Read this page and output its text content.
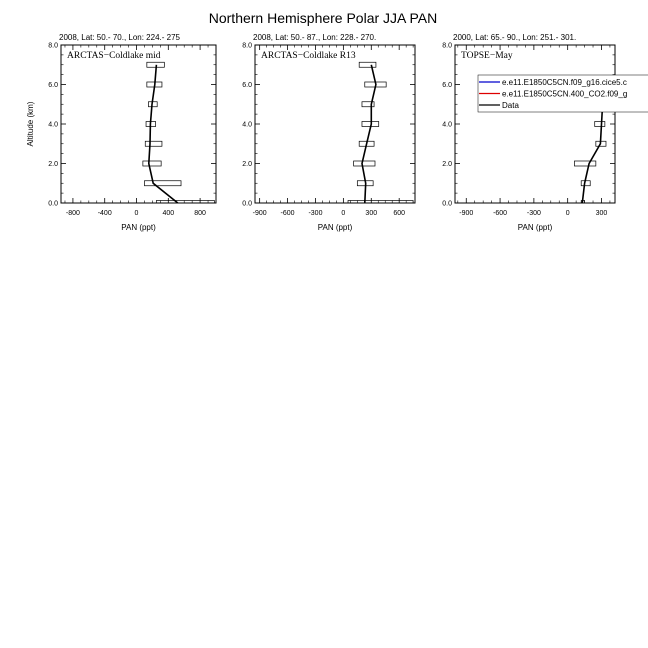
Northern Hemisphere Polar JJA PAN
2008, Lat: 50.- 70., Lon: 224.- 275
0.0
2.0
4.0
6.0
8.0
-800	-400	0	400	800
PAN (ppt)
Altitude (km)
ARCTAS−Coldlake mid
2008, Lat: 50.- 87., Lon: 228.- 270.
0.0
2.0
4.0
6.0
8.0
-900 -600 -300	0	300 600
PAN (ppt)
ARCTAS−Coldlake R13
2000, Lat: 65.- 90., Lon: 251.- 301.
0.0
2.0
4.0
6.0
8.0
-900	-600	-300	0	300
PAN (ppt)
TOPSE−May
e.e11.E1850C5CN.f09_g16.cice5.c
e.e11.E1850C5CN.400_CO2.f09_g
Data
